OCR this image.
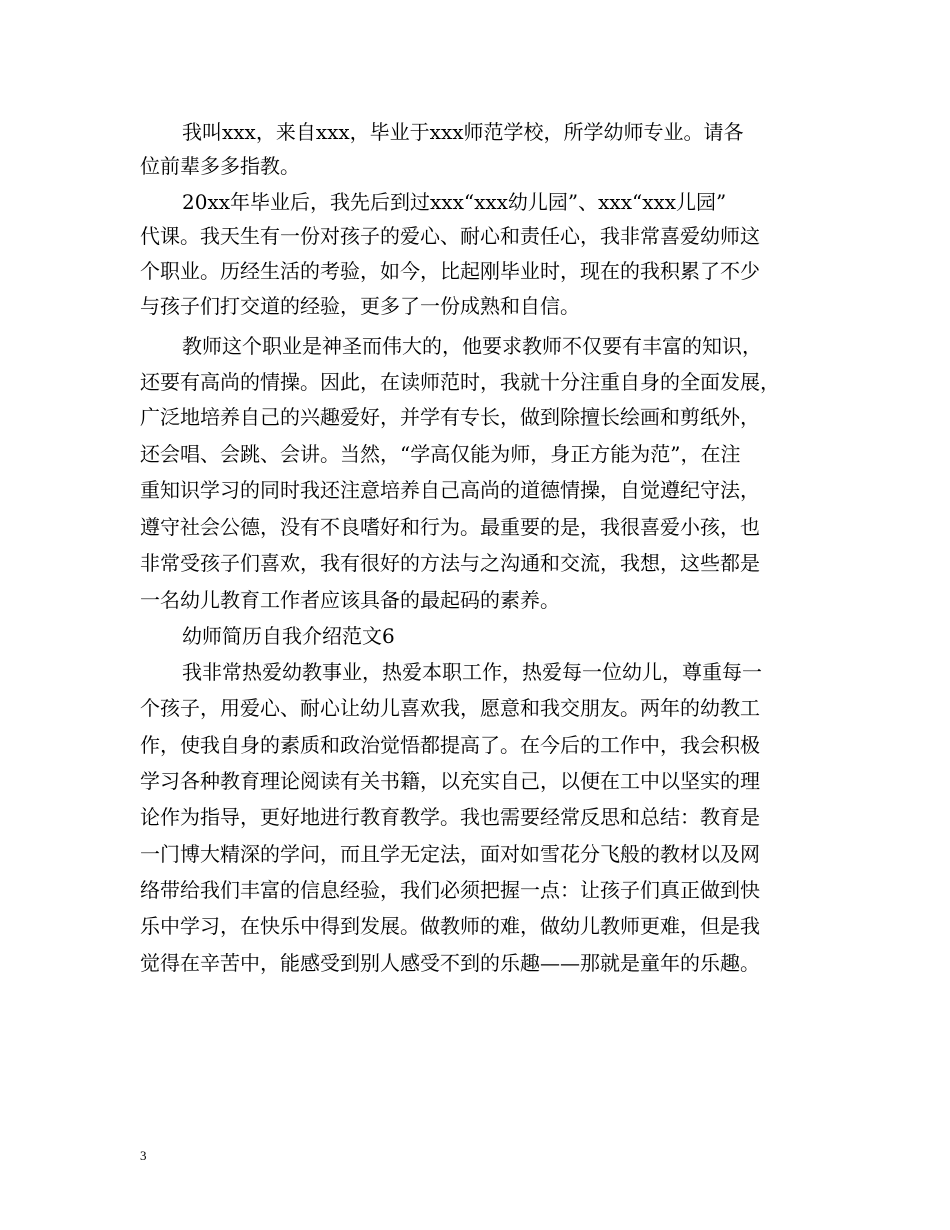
我叫xxx，来自xxx，毕业于xxx师范学校，所学幼师专业。请各
位前辈多多指教。
20xx年毕业后，我先后到过xxx“xxx幼儿园”、xxx“xxx儿园”
代课。我天生有一份对孩子的爱心、耐心和责任心，我非常喜爱幼师这
个职业。历经生活的考验，如今，比起刚毕业时，现在的我积累了不少
与孩子们打交道的经验，更多了一份成熟和自信。
教师这个职业是神圣而伟大的，他要求教师不仅要有丰富的知识，
还要有高尚的情操。因此，在读师范时，我就十分注重自身的全面发展，
广泛地培养自己的兴趣爱好，并学有专长，做到除擅长绘画和剪纸外，
还会唱、会跳、会讲。当然，“学高仅能为师，身正方能为范”，在注
重知识学习的同时我还注意培养自己高尚的道德情操，自觉遵纪守法，
遵守社会公德，没有不良嗜好和行为。最重要的是，我很喜爱小孩，也
非常受孩子们喜欢，我有很好的方法与之沟通和交流，我想，这些都是
一名幼儿教育工作者应该具备的最起码的素养。
幼师简历自我介绍范文6
我非常热爱幼教事业，热爱本职工作，热爱每一位幼儿，尊重每一
个孩子，用爱心、耐心让幼儿喜欢我，愿意和我交朋友。两年的幼教工
作，使我自身的素质和政治觉悟都提高了。在今后的工作中，我会积极
学习各种教育理论阅读有关书籍，以充实自己，以便在工中以坚实的理
论作为指导，更好地进行教育教学。我也需要经常反思和总结：教育是
一门博大精深的学问，而且学无定法，面对如雪花分飞般的教材以及网
络带给我们丰富的信息经验，我们必须把握一点：让孩子们真正做到快
乐中学习，在快乐中得到发展。做教师的难，做幼儿教师更难，但是我
觉得在辛苦中，能感受到别人感受不到的乐趣——那就是童年的乐趣。
3
